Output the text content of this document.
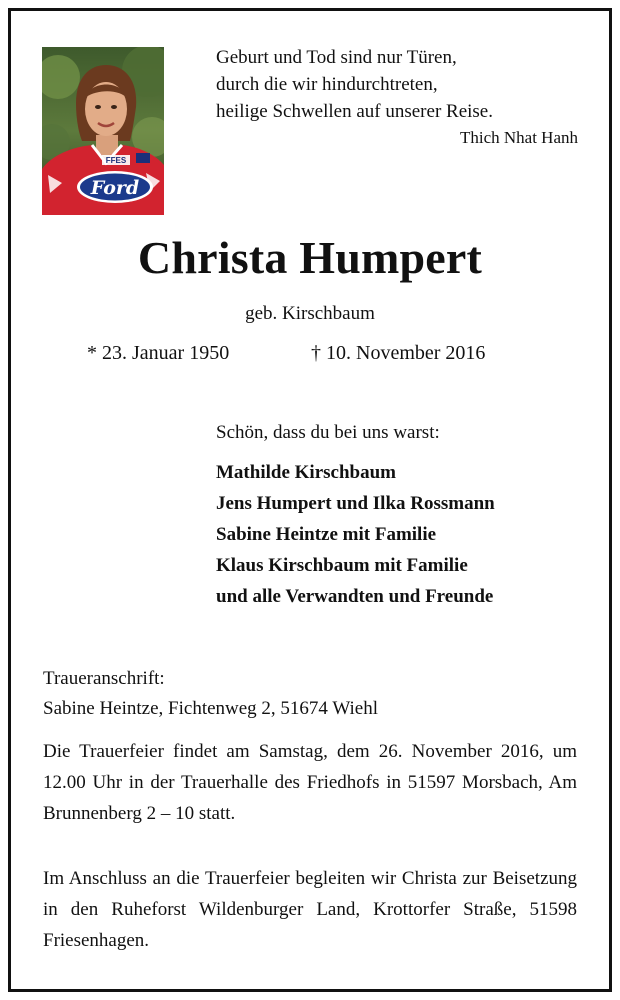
FFES
Ford
Geburt und Tod sind nur Türen,
durch die wir hindurchtreten,
heilige Schwellen auf unserer Reise.
Thich Nhat Hanh
Christa Humpert
geb. Kirschbaum
* 23. Januar 1950	† 10. November 2016
Schön, dass du bei uns warst:
Mathilde Kirschbaum
Jens Humpert und Ilka Rossmann
Sabine Heintze mit Familie
Klaus Kirschbaum mit Familie
und alle Verwandten und Freunde
Traueranschrift:
Sabine Heintze, Fichtenweg 2, 51674 Wiehl
Die Trauerfeier findet am Samstag, dem 26. November 2016, um 12.00 Uhr in der Trauerhalle des Friedhofs in 51597 Morsbach, Am Brunnenberg 2 – 10 statt.
Im Anschluss an die Trauerfeier begleiten wir Christa zur Beisetzung in den Ruheforst Wildenburger Land, Krottorfer Straße, 51598 Friesenhagen.
